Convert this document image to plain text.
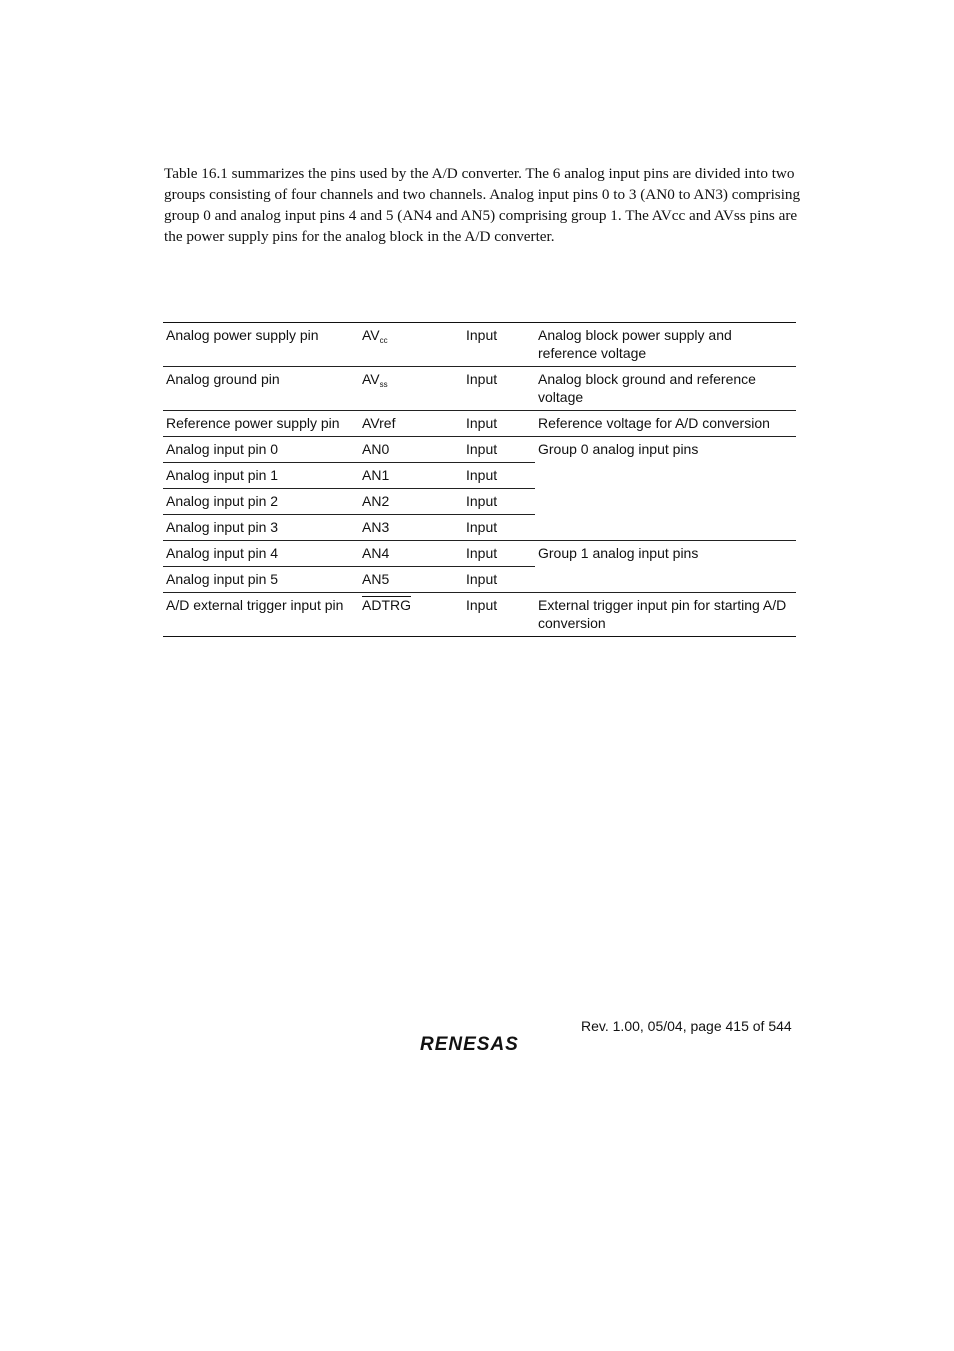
Table 16.1 summarizes the pins used by the A/D converter. The 6 analog input pins are divided into two groups consisting of four channels and two channels. Analog input pins 0 to 3 (AN0 to AN3) comprising group 0 and analog input pins 4 and 5 (AN4 and AN5) comprising group 1. The AVcc and AVss pins are the power supply pins for the analog block in the A/D converter.

Analog power supply pin	$AV_{cc}$	Input	Analog block power supply and reference voltage
Analog ground pin	$AV_{ss}$	Input	Analog block ground and reference voltage
Reference power supply pin	AVref	Input	Reference voltage for A/D conversion
Analog input pin 0	AN0	Input	Group 0 analog input pins
Analog input pin 1	AN1	Input	
Analog input pin 2	AN2	Input	
Analog input pin 3	AN3	Input	
Analog input pin 4	AN4	Input	Group 1 analog input pins
Analog input pin 5	AN5	Input	
A/D external trigger input pin	ADTRG	Input	External trigger input pin for starting A/D conversion
Rev. 1.00, 05/04, page 415 of 544
RENESAS
